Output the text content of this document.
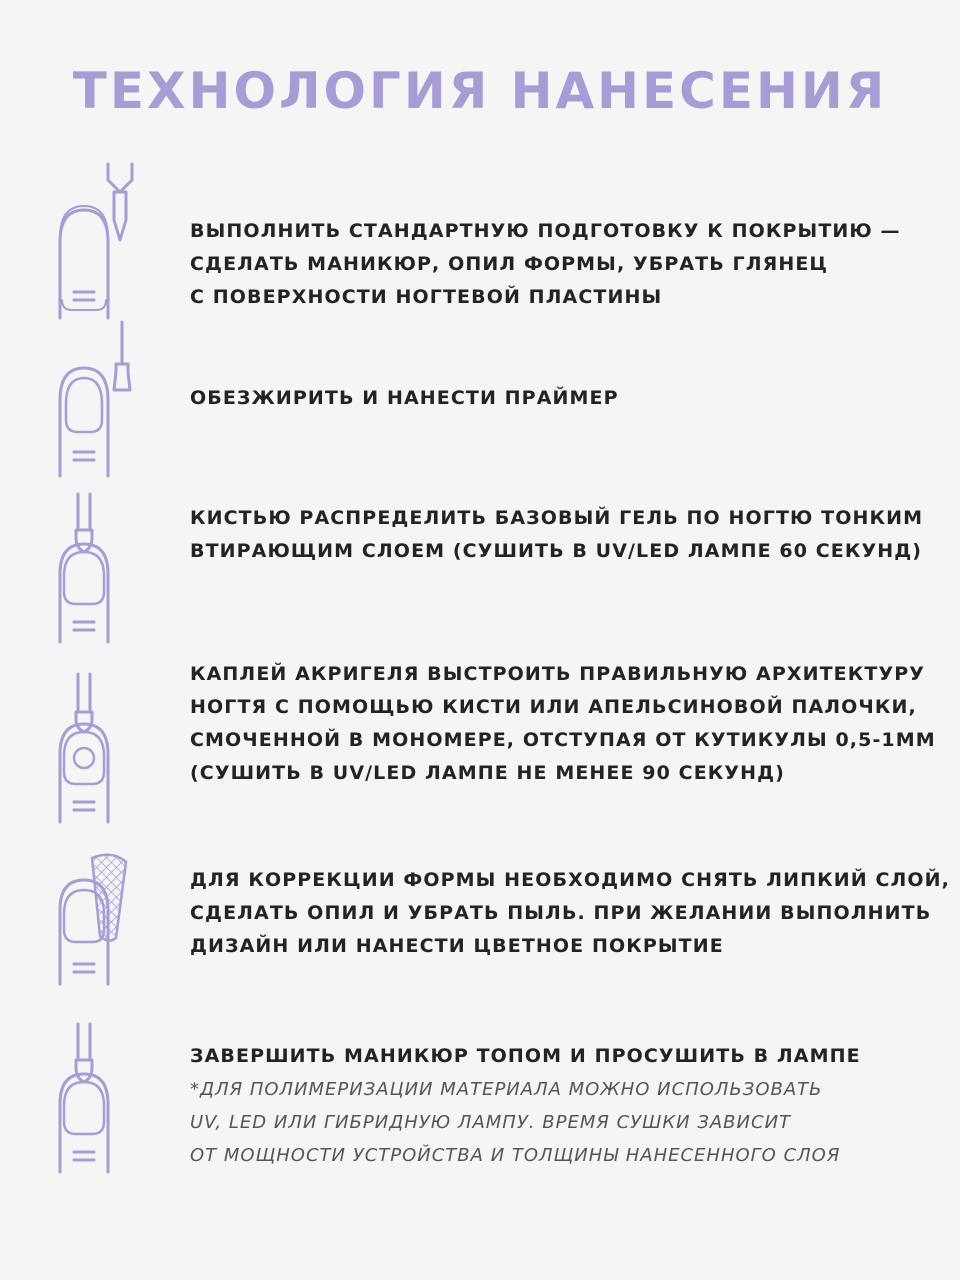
ТЕХНОЛОГИЯ НАНЕСЕНИЯ
ВЫПОЛНИТЬ СТАНДАРТНУЮ ПОДГОТОВКУ К ПОКРЫТИЮ —
СДЕЛАТЬ МАНИКЮР, ОПИЛ ФОРМЫ, УБРАТЬ ГЛЯНЕЦ
С ПОВЕРХНОСТИ НОГТЕВОЙ ПЛАСТИНЫ
ОБЕЗЖИРИТЬ И НАНЕСТИ ПРАЙМЕР
КИСТЬЮ РАСПРЕДЕЛИТЬ БАЗОВЫЙ ГЕЛЬ ПО НОГТЮ ТОНКИМ
ВТИРАЮЩИМ СЛОЕМ (СУШИТЬ В UV/LED ЛАМПЕ 60 СЕКУНД)
КАПЛЕЙ АКРИГЕЛЯ ВЫСТРОИТЬ ПРАВИЛЬНУЮ АРХИТЕКТУРУ
НОГТЯ С ПОМОЩЬЮ КИСТИ ИЛИ АПЕЛЬСИНОВОЙ ПАЛОЧКИ,
СМОЧЕННОЙ В МОНОМЕРЕ, ОТСТУПАЯ ОТ КУТИКУЛЫ 0,5-1ММ
(СУШИТЬ В UV/LED ЛАМПЕ НЕ МЕНЕЕ 90 СЕКУНД)
ДЛЯ КОРРЕКЦИИ ФОРМЫ НЕОБХОДИМО СНЯТЬ ЛИПКИЙ СЛОЙ,
СДЕЛАТЬ ОПИЛ И УБРАТЬ ПЫЛЬ. ПРИ ЖЕЛАНИИ ВЫПОЛНИТЬ
ДИЗАЙН ИЛИ НАНЕСТИ ЦВЕТНОЕ ПОКРЫТИЕ
ЗАВЕРШИТЬ МАНИКЮР ТОПОМ И ПРОСУШИТЬ В ЛАМПЕ
*ДЛЯ ПОЛИМЕРИЗАЦИИ МАТЕРИАЛА МОЖНО ИСПОЛЬЗОВАТЬ
UV, LED ИЛИ ГИБРИДНУЮ ЛАМПУ. ВРЕМЯ СУШКИ ЗАВИСИТ
ОТ МОЩНОСТИ УСТРОЙСТВА И ТОЛЩИНЫ НАНЕСЕННОГО СЛОЯ
